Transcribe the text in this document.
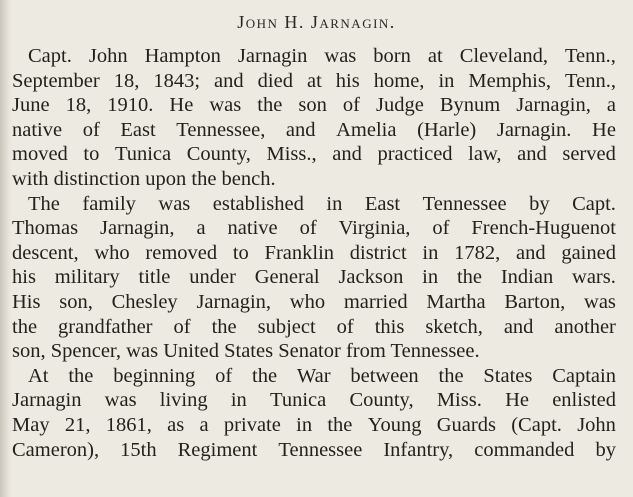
John H. Jarnagin.
Capt. John Hampton Jarnagin was born at Cleveland, Tenn.,
September 18, 1843; and died at his home, in Memphis, Tenn.,
June 18, 1910. He was the son of Judge Bynum Jarnagin, a
native of East Tennessee, and Amelia (Harle) Jarnagin. He
moved to Tunica County, Miss., and practiced law, and served
with distinction upon the bench.
The family was established in East Tennessee by Capt.
Thomas Jarnagin, a native of Virginia, of French-Huguenot
descent, who removed to Franklin district in 1782, and gained
his military title under General Jackson in the Indian wars.
His son, Chesley Jarnagin, who married Martha Barton, was
the grandfather of the subject of this sketch, and another
son, Spencer, was United States Senator from Tennessee.
At the beginning of the War between the States Captain
Jarnagin was living in Tunica County, Miss. He enlisted
May 21, 1861, as a private in the Young Guards (Capt. John
Cameron), 15th Regiment Tennessee Infantry, commanded by
